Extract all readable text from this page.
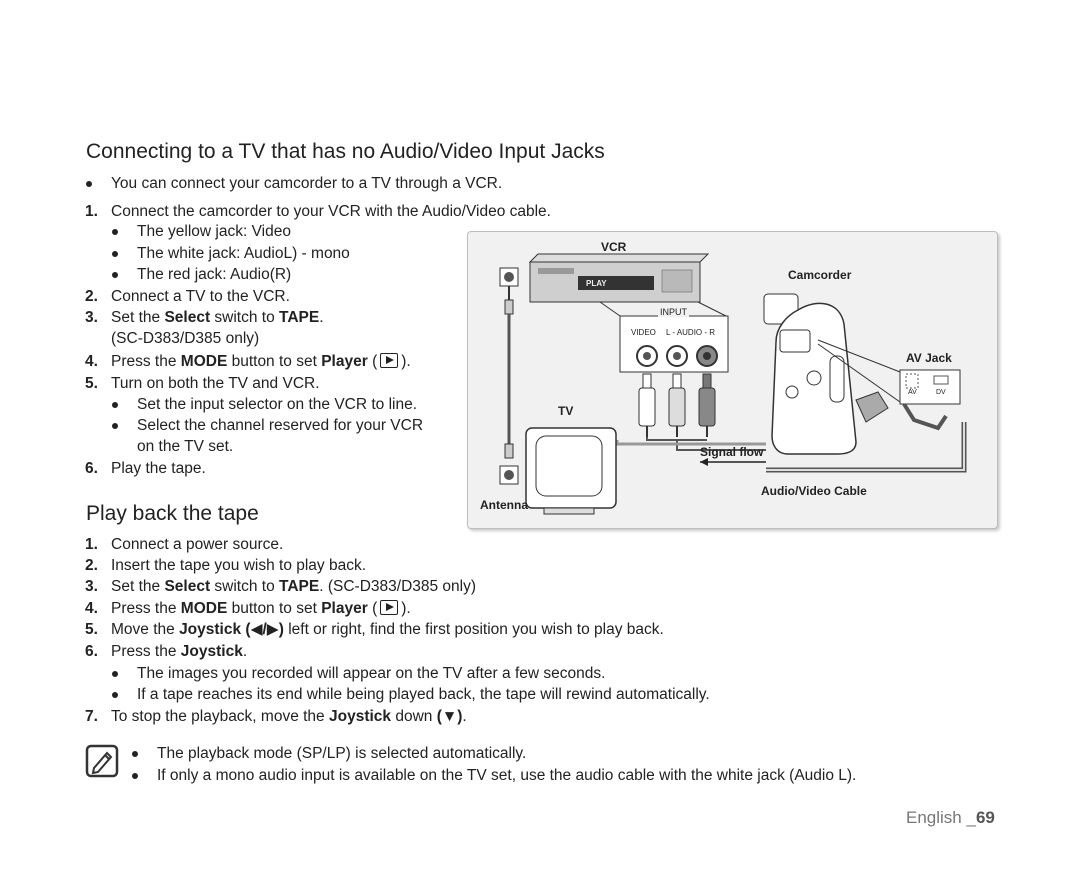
Connecting to a TV that has no Audio/Video Input Jacks
You can connect your camcorder to a TV through a VCR.
1. Connect the camcorder to your VCR with the Audio/Video cable.
The yellow jack: Video
The white jack: AudioL) - mono
The red jack: Audio(R)
2. Connect a TV to the VCR.
3. Set the Select switch to TAPE.
(SC-D383/D385 only)
4. Press the MODE button to set Player ( ).
5. Turn on both the TV and VCR.
Set the input selector on the VCR to line.
Select the channel reserved for your VCR
on the TV set.
6. Play the tape.
VCR
PLAY
Camcorder
INPUT
VIDEO L - AUDIO - R
AV Jack
AV	DV
TV
Signal flow
Audio/Video Cable
Antenna
Play back the tape
1. Connect a power source.
2. Insert the tape you wish to play back.
3. Set the Select switch to TAPE. (SC-D383/D385 only)
4. Press the MODE button to set Player ( ).
5. Move the Joystick (◀/▶) left or right, find the first position you wish to play back.
6. Press the Joystick.
The images you recorded will appear on the TV after a few seconds.
If a tape reaches its end while being played back, the tape will rewind automatically.
7. To stop the playback, move the Joystick down (▼).
The playback mode (SP/LP) is selected automatically.
If only a mono audio input is available on the TV set, use the audio cable with the white jack (Audio L).
English _69
